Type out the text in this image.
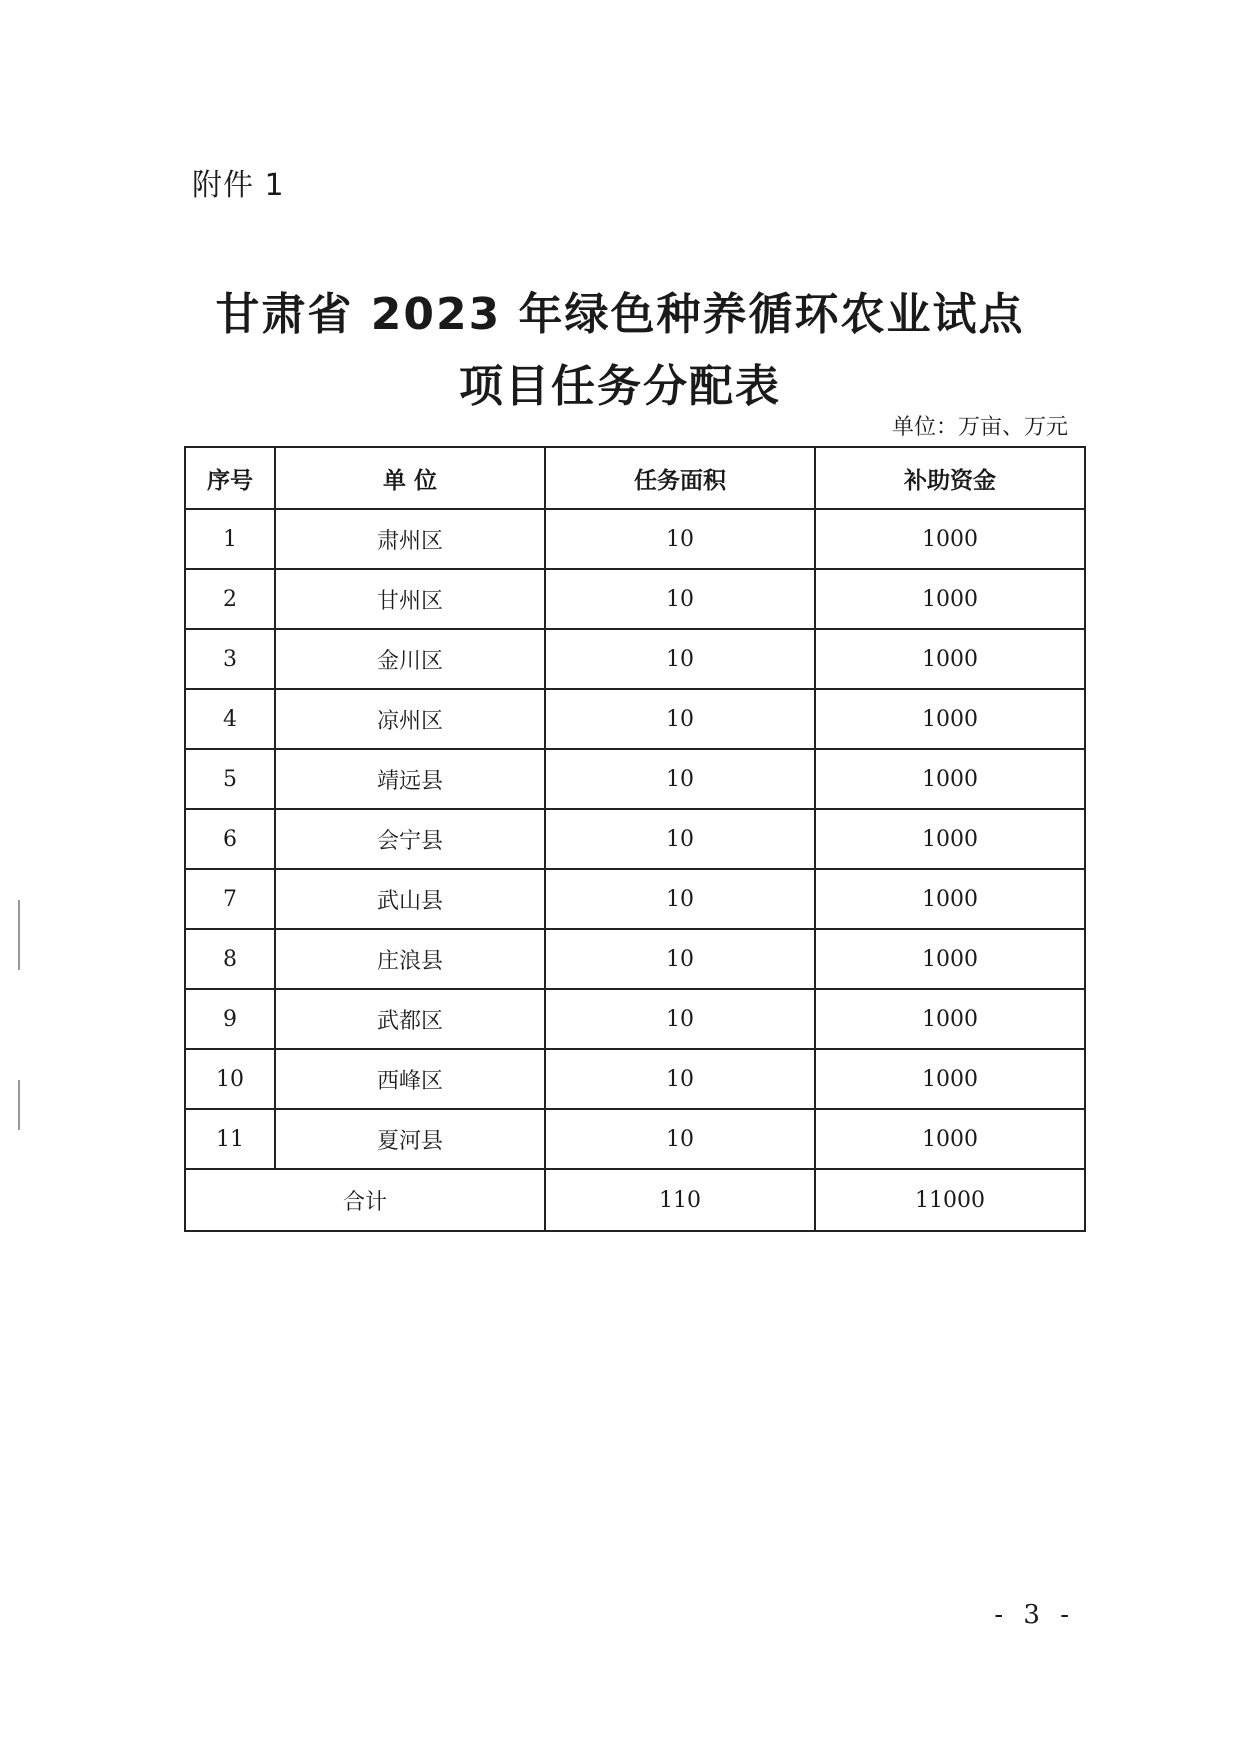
附件 1
甘肃省 2023 年绿色种养循环农业试点
项目任务分配表
单位：万亩、万元
序号	单 位	任务面积	补助资金
1	肃州区	10	1000
2	甘州区	10	1000
3	金川区	10	1000
4	凉州区	10	1000
5	靖远县	10	1000
6	会宁县	10	1000
7	武山县	10	1000
8	庄浪县	10	1000
9	武都区	10	1000
10	西峰区	10	1000
11	夏河县	10	1000
合计		110	11000
- 3 -
